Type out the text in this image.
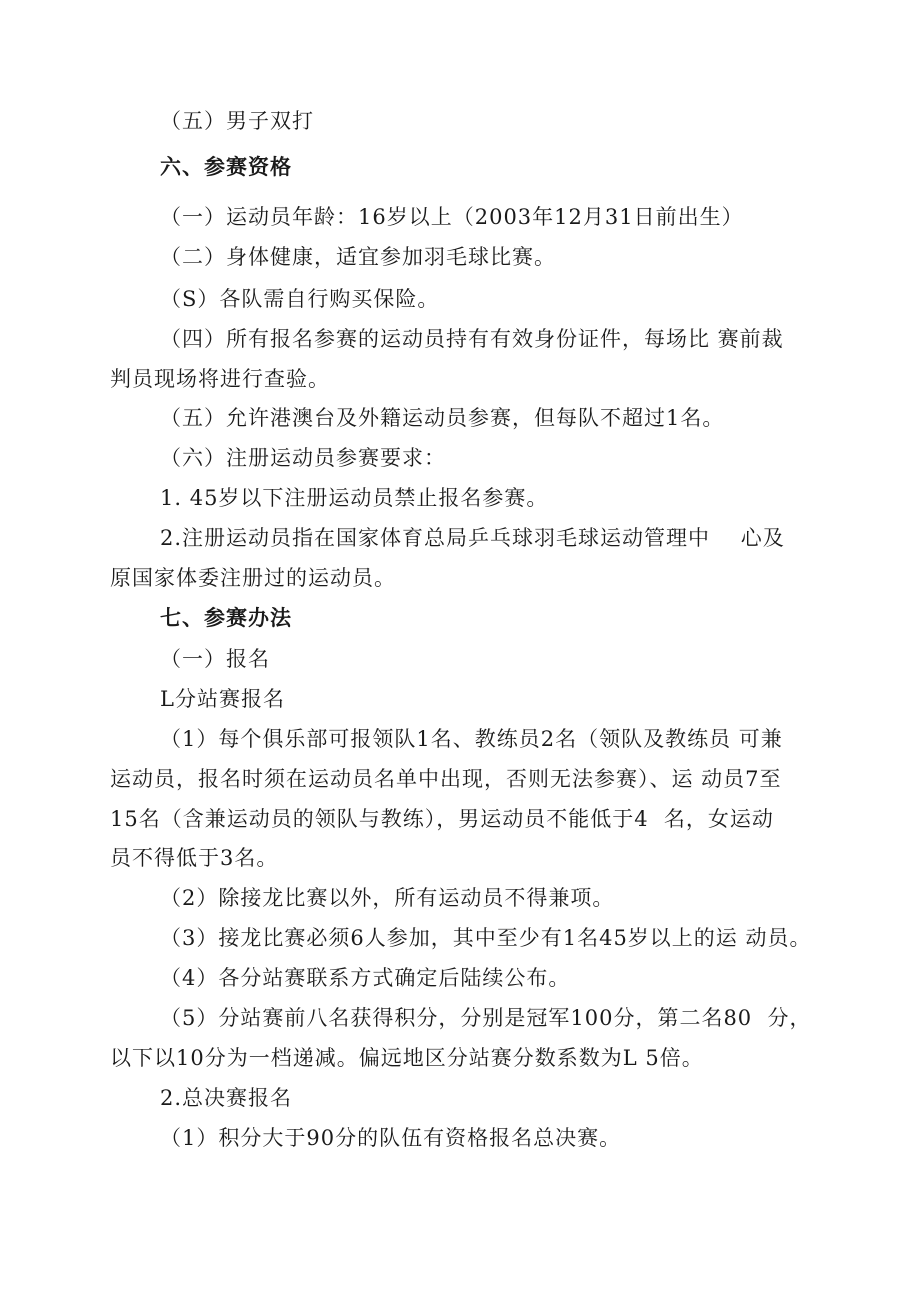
（五）男子双打
六、参赛资格
（一）运动员年龄：16岁以上（2003年12月31日前出生）
（二）身体健康，适宜参加羽毛球比赛。
（S）各队需自行购买保险。
（四）所有报名参赛的运动员持有有效身份证件，每场比 赛前裁
判员现场将进行查验。
（五）允许港澳台及外籍运动员参赛，但每队不超过1名。
（六）注册运动员参赛要求：
1. 45岁以下注册运动员禁止报名参赛。
2.注册运动员指在国家体育总局乒乓球羽毛球运动管理中    心及
原国家体委注册过的运动员。
七、参赛办法
（一）报名
L分站赛报名
（1）每个俱乐部可报领队1名、教练员2名（领队及教练员 可兼
运动员，报名时须在运动员名单中出现，否则无法参赛）、运 动员7至
15名（含兼运动员的领队与教练），男运动员不能低于4  名，女运动
员不得低于3名。
（2）除接龙比赛以外，所有运动员不得兼项。
（3）接龙比赛必须6人参加，其中至少有1名45岁以上的运 动员。
（4）各分站赛联系方式确定后陆续公布。
（5）分站赛前八名获得积分，分别是冠军100分，第二名80  分，
以下以10分为一档递减。偏远地区分站赛分数系数为L 5倍。
2.总决赛报名
（1）积分大于90分的队伍有资格报名总决赛。
